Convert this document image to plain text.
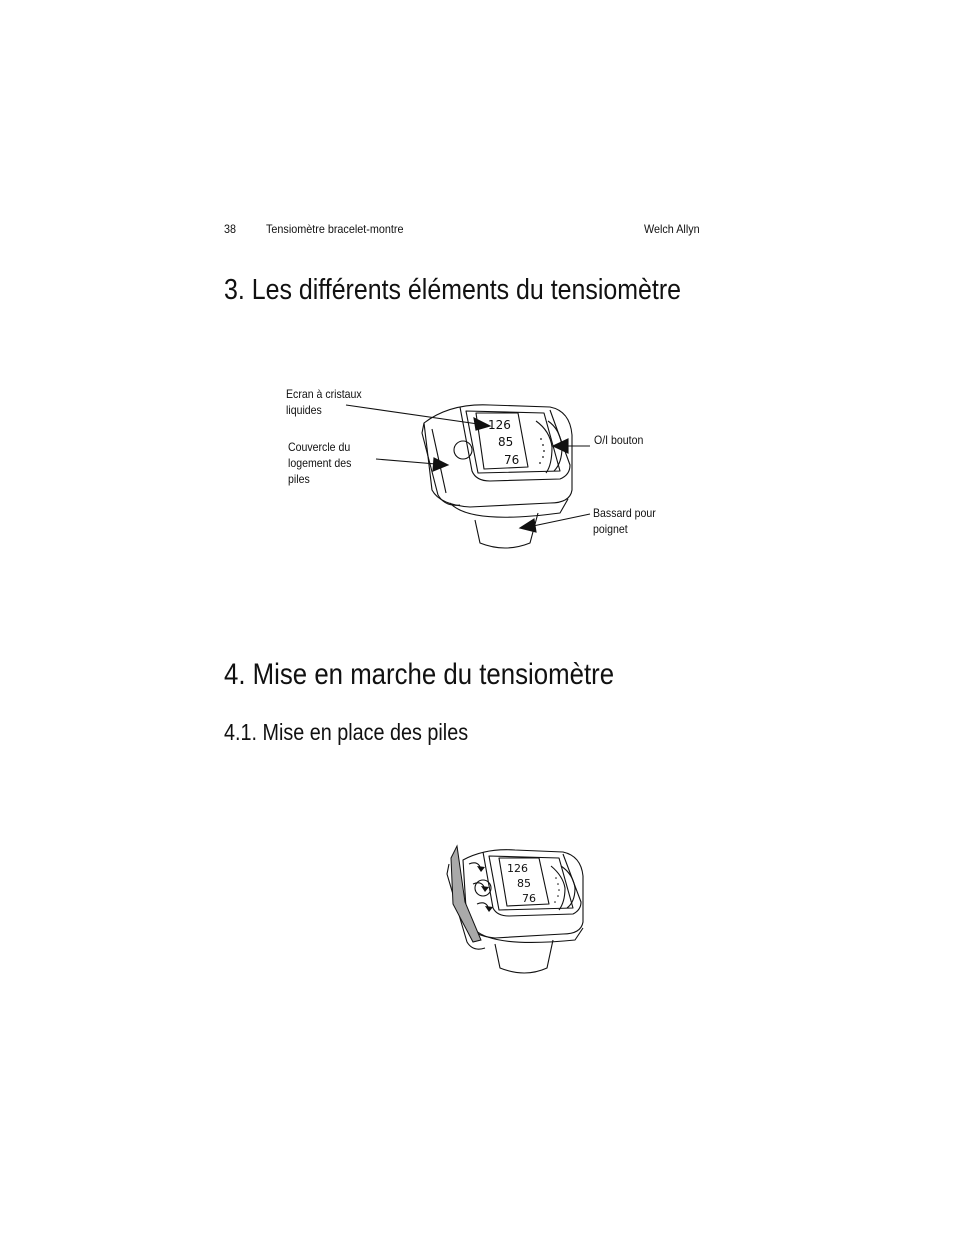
38 Tensiomètre bracelet-montre	Welch Allyn
3. Les différents éléments du tensiomètre
126
85
76
Ecran à cristaux
liquides
Couvercle du
logement des
piles
O/I bouton
Bassard pour
poignet
4. Mise en marche du tensiomètre
4.1. Mise en place des piles
126
85
76
